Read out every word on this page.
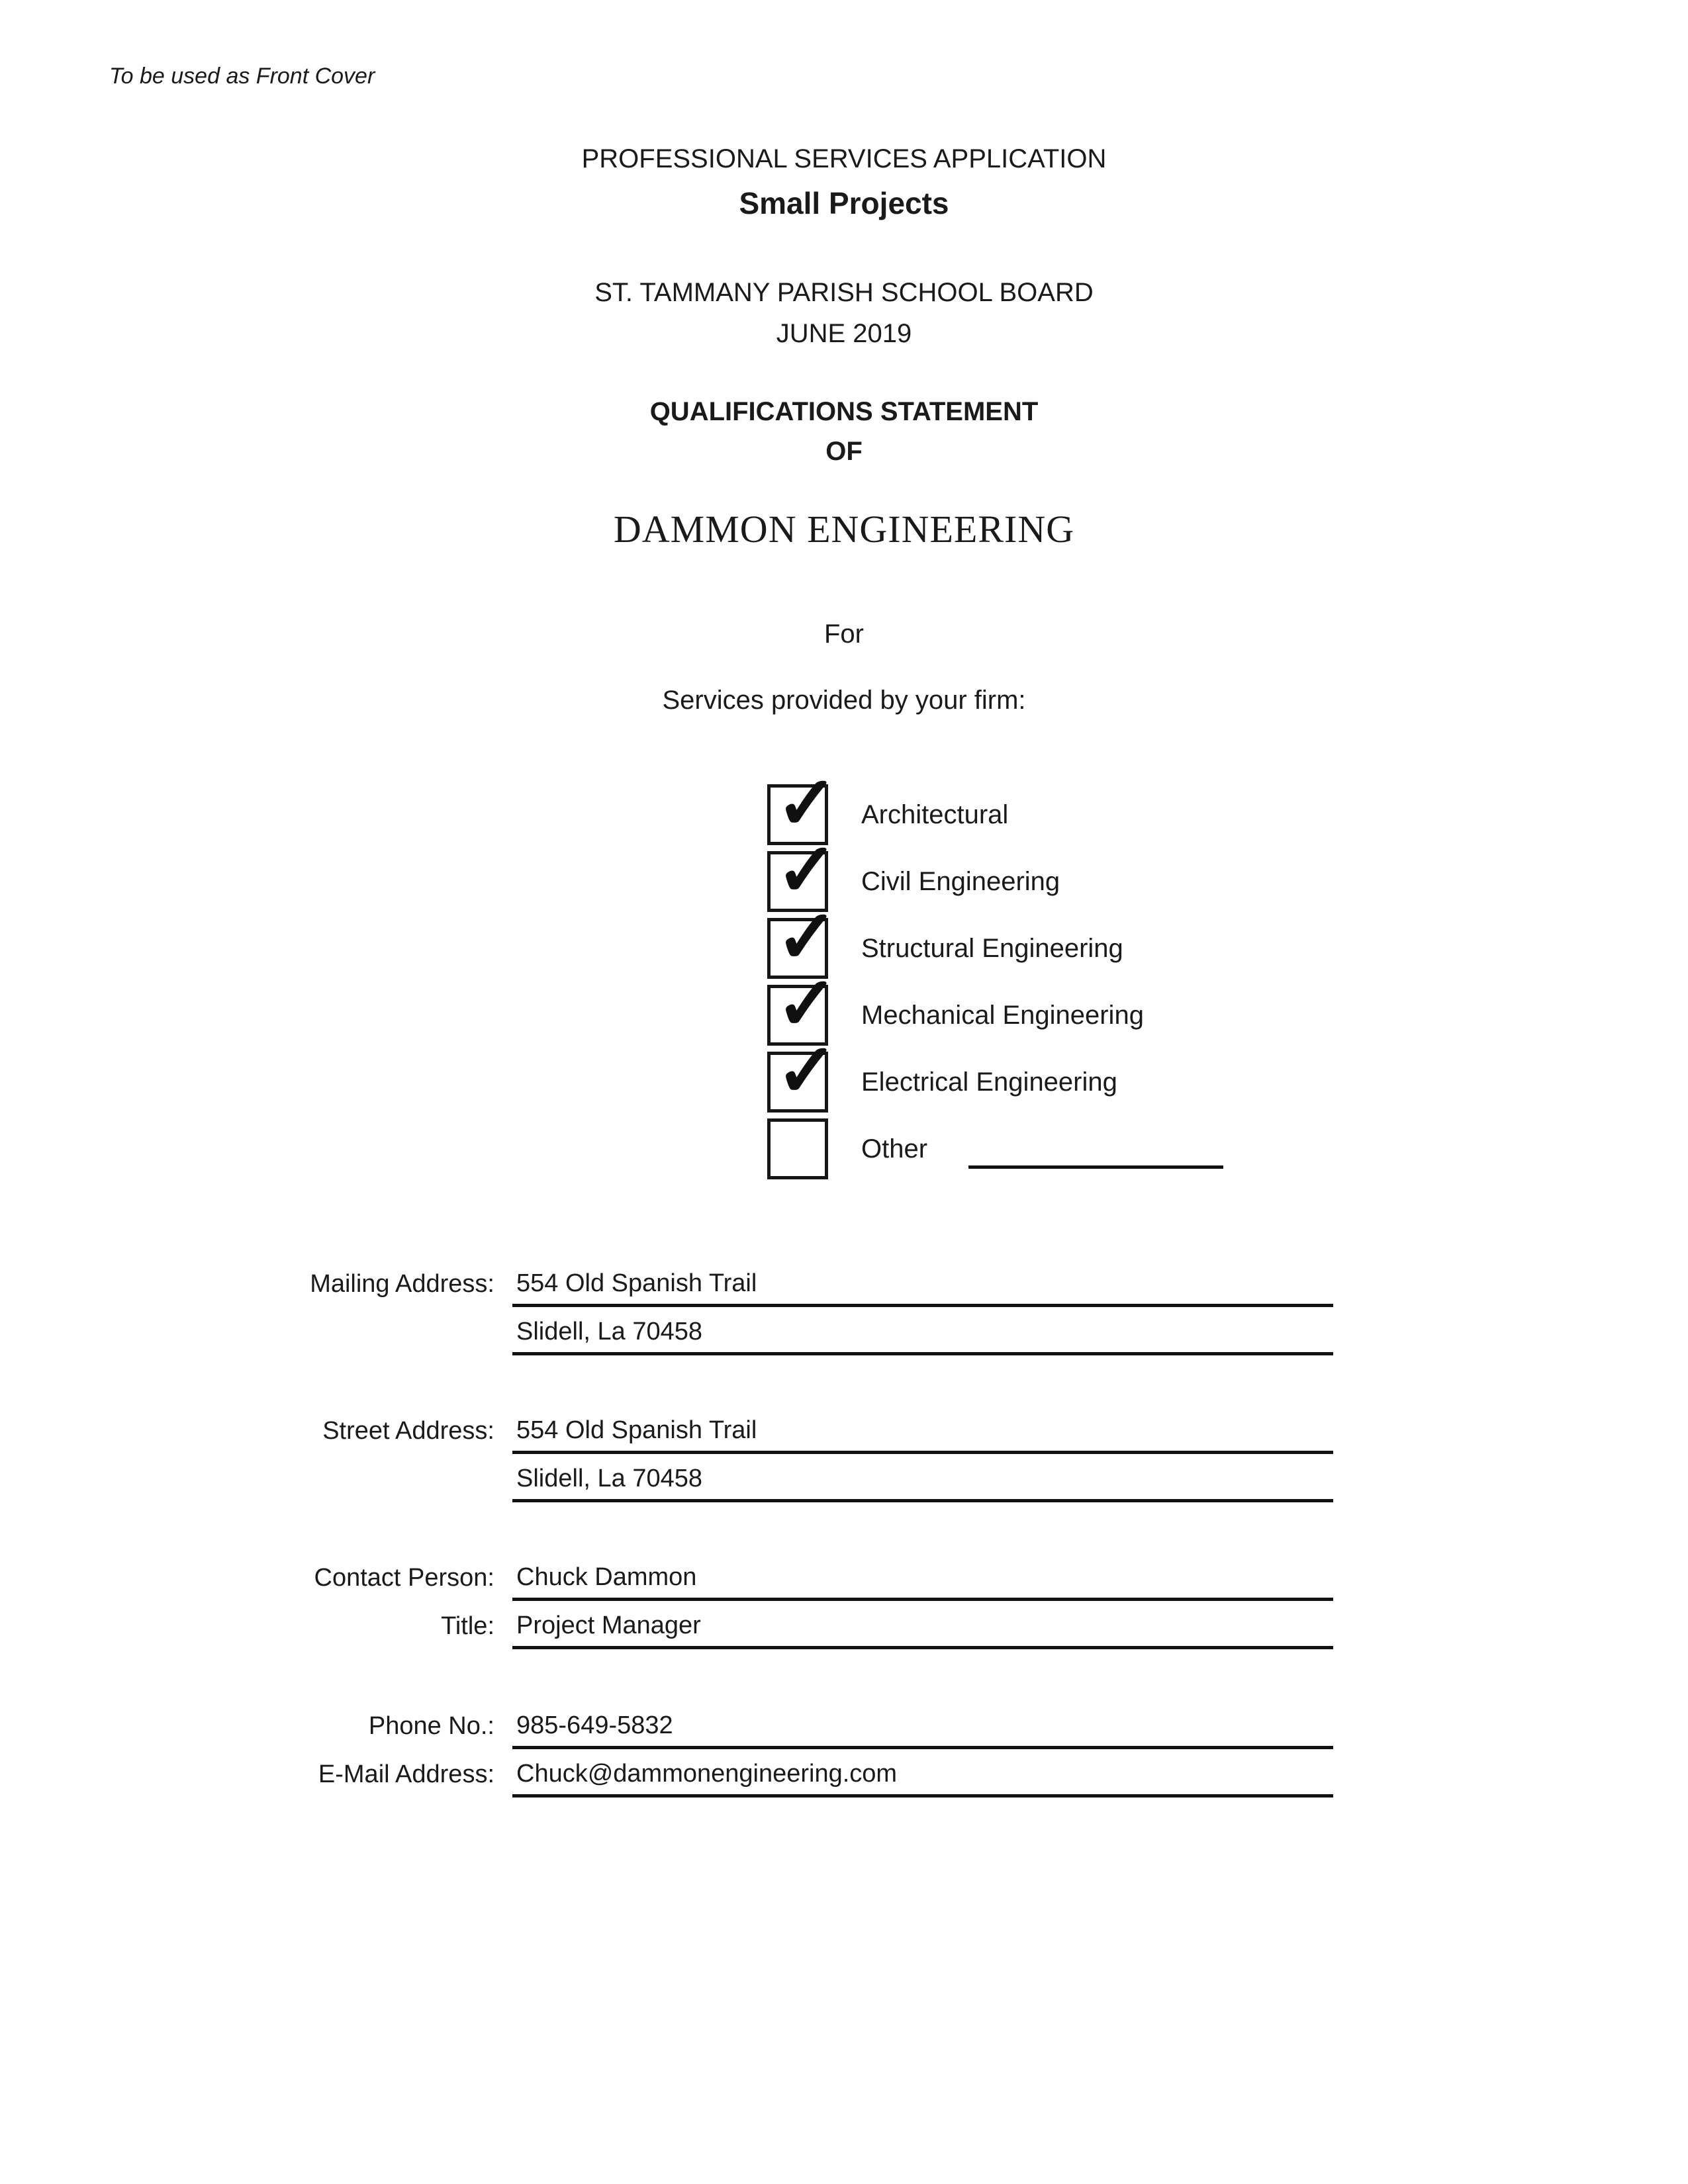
To be used as Front Cover
PROFESSIONAL SERVICES APPLICATION
Small Projects
ST. TAMMANY PARISH SCHOOL BOARD
JUNE 2019
QUALIFICATIONS STATEMENT
OF
DAMMON ENGINEERING
For
Services provided by your firm:
✓ Architectural
✓ Civil Engineering
✓ Structural Engineering
✓ Mechanical Engineering
✓ Electrical Engineering
Other
Mailing Address: 554 Old Spanish Trail
Slidell, La 70458
Street Address: 554 Old Spanish Trail
Slidell, La 70458
Contact Person: Chuck Dammon
Title: Project Manager
Phone No.: 985-649-5832
E-Mail Address: Chuck@dammonengineering.com
